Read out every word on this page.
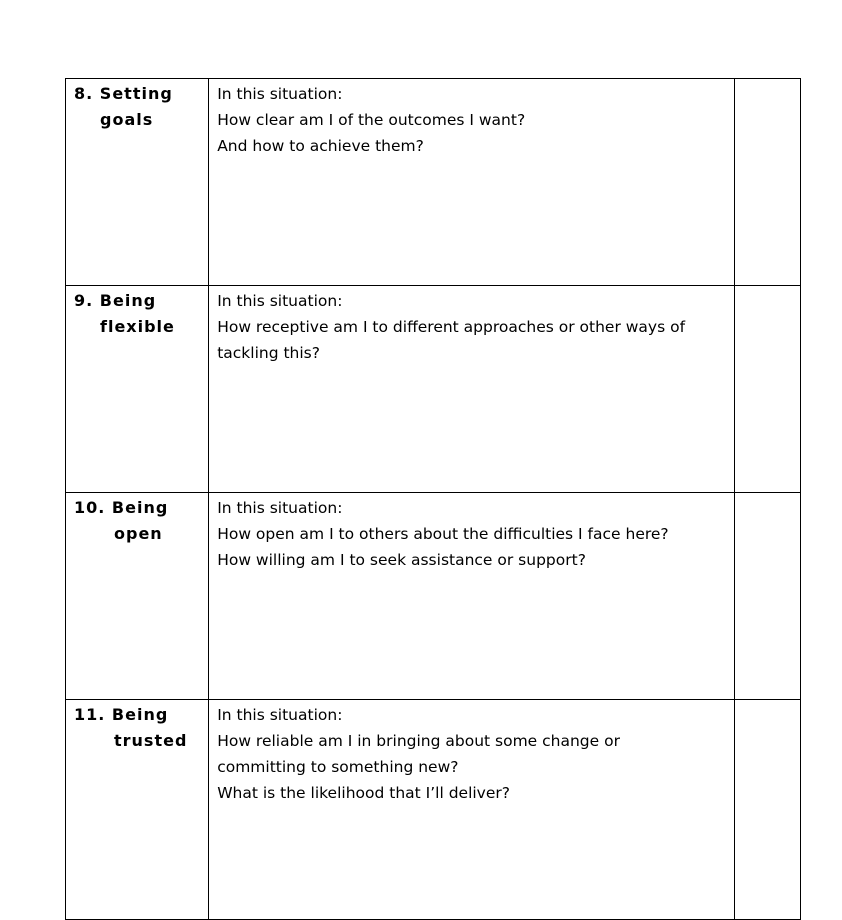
8. Setting
goals	In this situation:
How clear am I of the outcomes I want?
And how to achieve them?	

9. Being
flexible	In this situation:
How receptive am I to different approaches or other ways of
tackling this?	

10. Being
open	In this situation:
How open am I to others about the difficulties I face here?
How willing am I to seek assistance or support?	

11. Being
trusted	In this situation:
How reliable am I in bringing about some change or
committing to something new?
What is the likelihood that I’ll deliver?	
